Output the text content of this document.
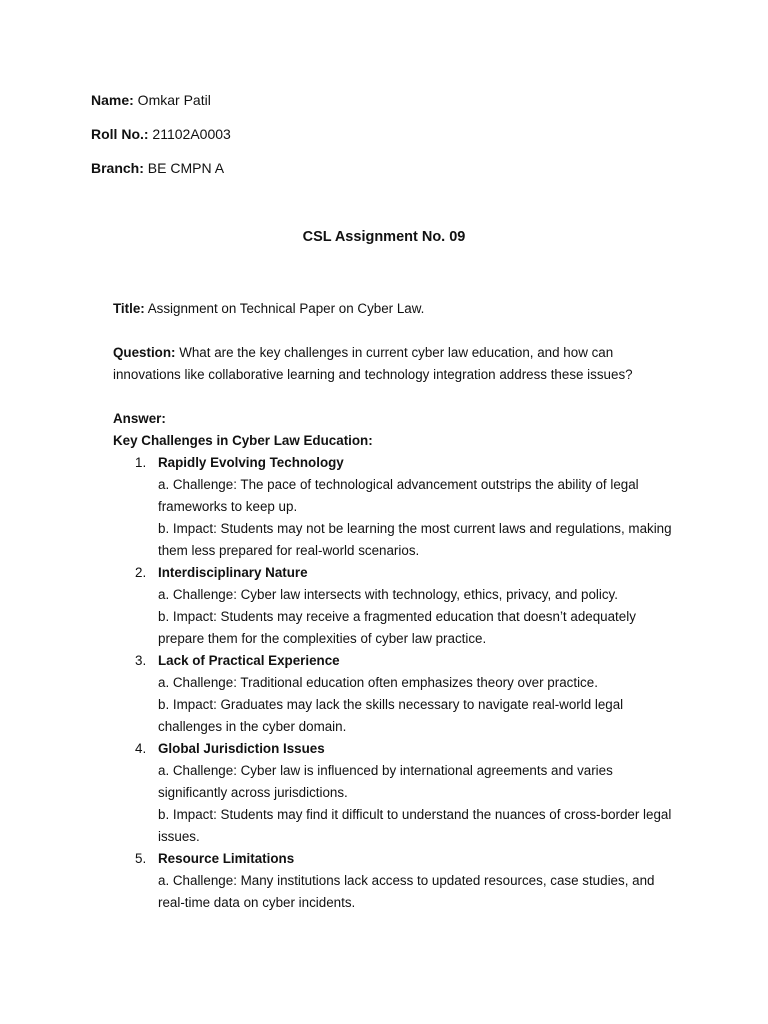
Name: Omkar Patil
Roll No.: 21102A0003
Branch: BE CMPN A
CSL Assignment No. 09

Title: Assignment on Technical Paper on Cyber Law.

Question: What are the key challenges in current cyber law education, and how can innovations like collaborative learning and technology integration address these issues?

Answer:

Key Challenges in Cyber Law Education:

1. Rapidly Evolving Technology

a. Challenge: The pace of technological advancement outstrips the ability of legal frameworks to keep up.

b. Impact: Students may not be learning the most current laws and regulations, making them less prepared for real-world scenarios.

2. Interdisciplinary Nature

a. Challenge: Cyber law intersects with technology, ethics, privacy, and policy.

b. Impact: Students may receive a fragmented education that doesn’t adequately prepare them for the complexities of cyber law practice.

3. Lack of Practical Experience

a. Challenge: Traditional education often emphasizes theory over practice.

b. Impact: Graduates may lack the skills necessary to navigate real-world legal challenges in the cyber domain.

4. Global Jurisdiction Issues

a. Challenge: Cyber law is influenced by international agreements and varies significantly across jurisdictions.

b. Impact: Students may find it difficult to understand the nuances of cross-border legal issues.

5. Resource Limitations

a. Challenge: Many institutions lack access to updated resources, case studies, and real-time data on cyber incidents.
